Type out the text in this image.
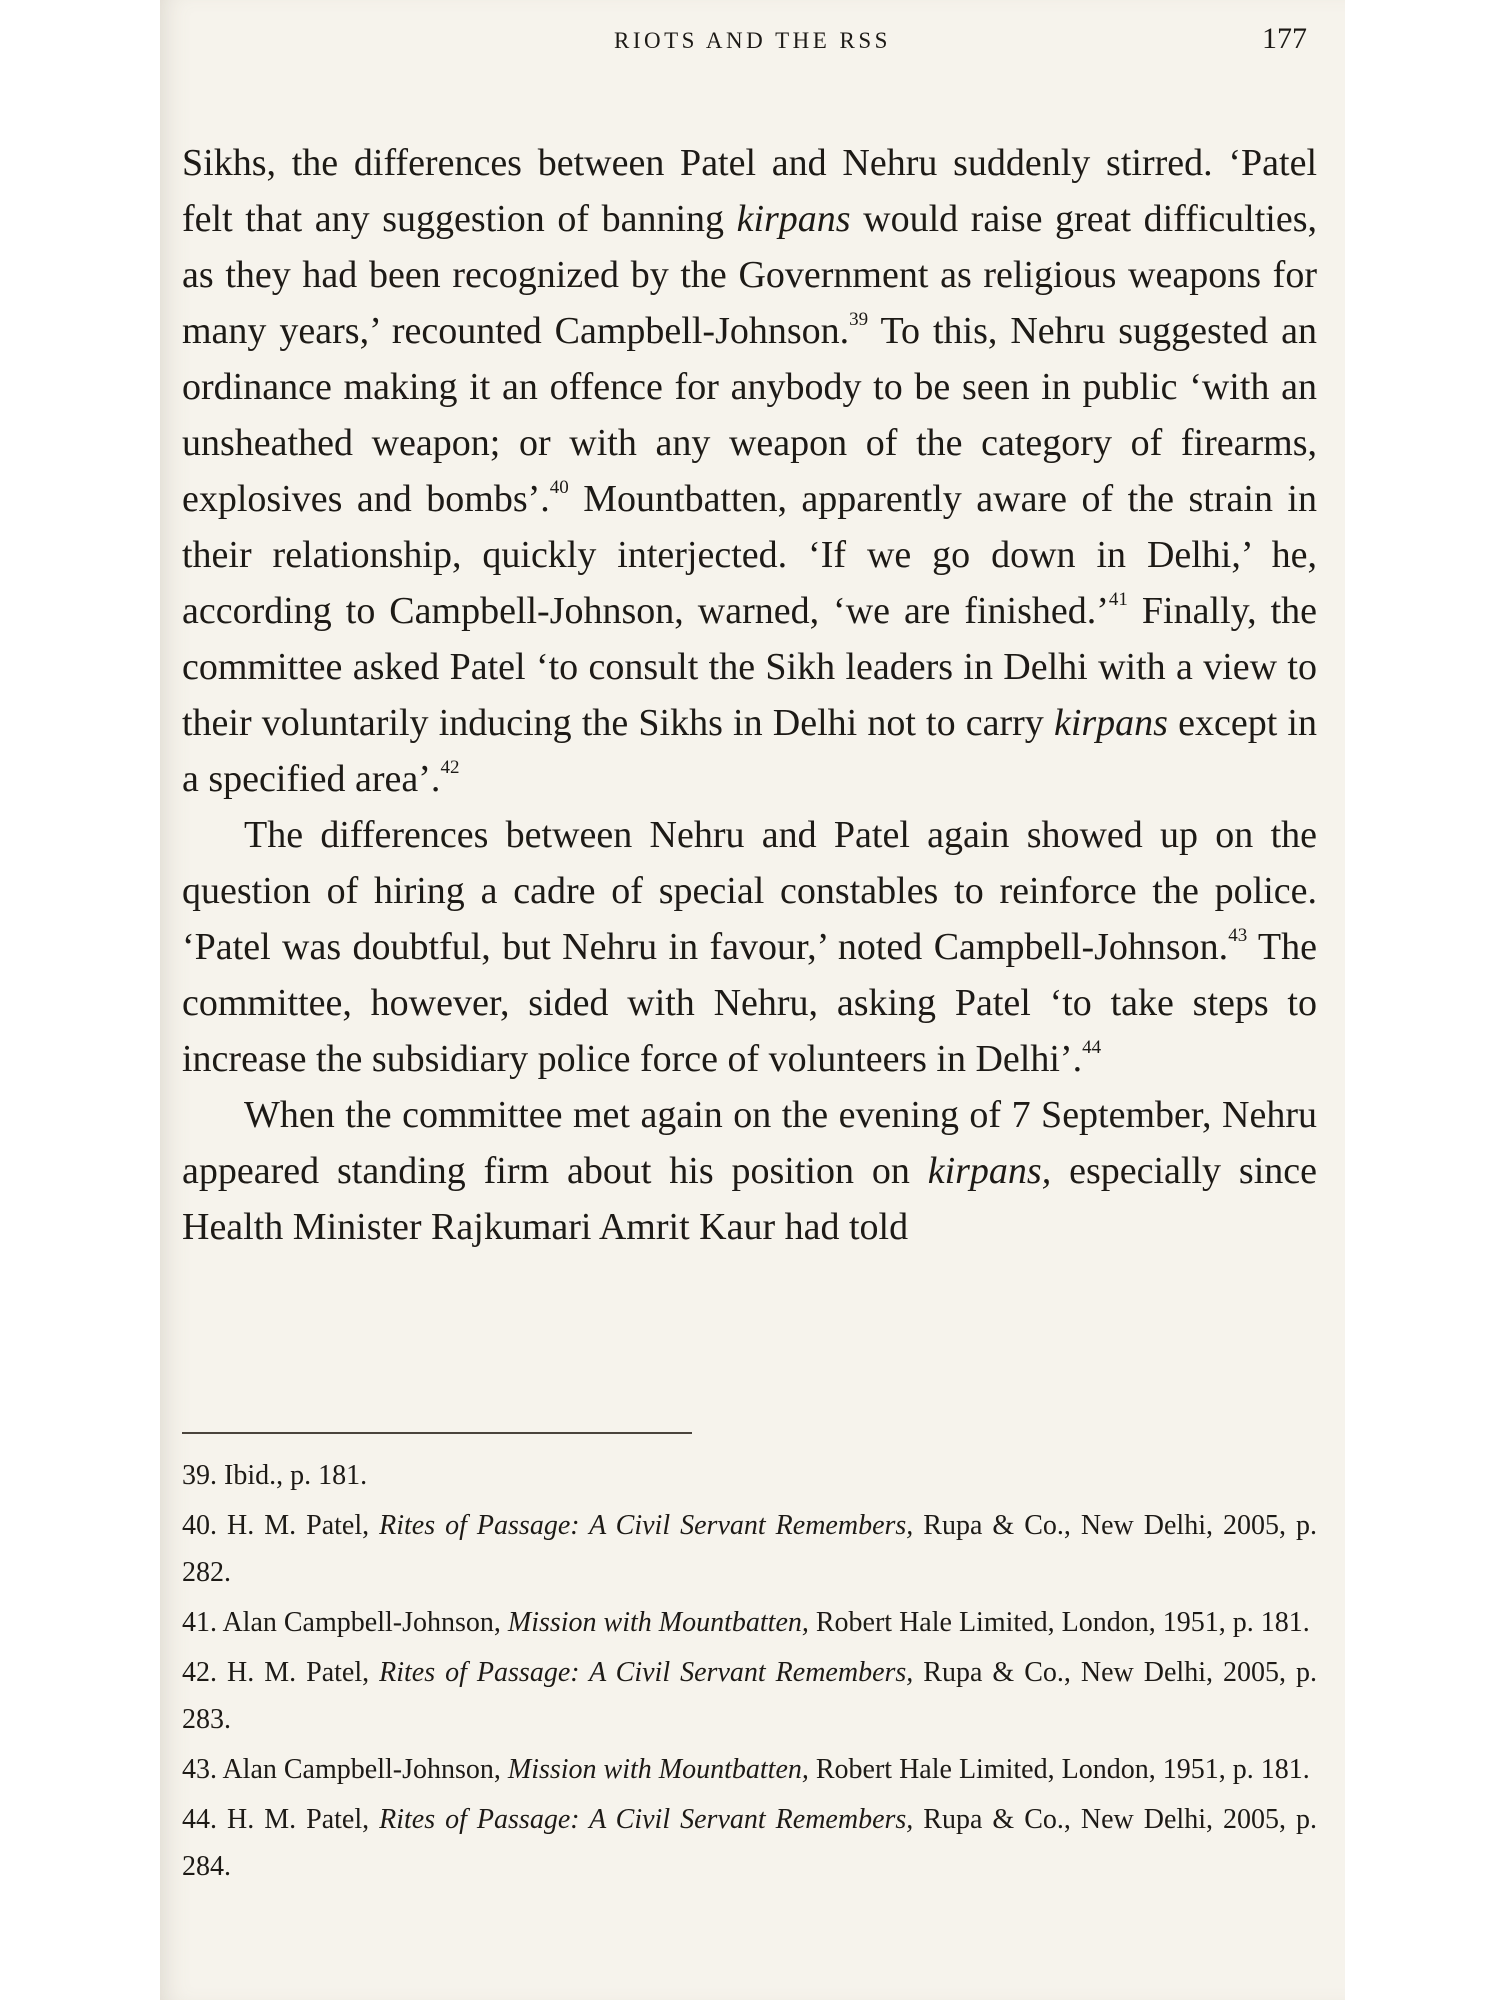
RIOTS AND THE RSS	177

Sikhs, the differences between Patel and Nehru suddenly stirred. ‘Patel felt that any suggestion of banning kirpans would raise great difficulties, as they had been recognized by the Government as religious weapons for many years,’ recounted Campbell-Johnson.$^{39}$ To this, Nehru suggested an ordinance making it an offence for anybody to be seen in public ‘with an unsheathed weapon; or with any weapon of the category of firearms, explosives and bombs’.$^{40}$ Mountbatten, apparently aware of the strain in their relationship, quickly interjected. ‘If we go down in Delhi,’ he, according to Campbell-Johnson, warned, ‘we are finished.’$^{41}$ Finally, the committee asked Patel ‘to consult the Sikh leaders in Delhi with a view to their voluntarily inducing the Sikhs in Delhi not to carry kirpans except in a specified area’.$^{42}$

The differences between Nehru and Patel again showed up on the question of hiring a cadre of special constables to reinforce the police. ‘Patel was doubtful, but Nehru in favour,’ noted Campbell-Johnson.$^{43}$ The committee, however, sided with Nehru, asking Patel ‘to take steps to increase the subsidiary police force of volunteers in Delhi’.$^{44}$

When the committee met again on the evening of 7 September, Nehru appeared standing firm about his position on kirpans, especially since Health Minister Rajkumari Amrit Kaur had told

39. Ibid., p. 181.
40. H. M. Patel, Rites of Passage: A Civil Servant Remembers, Rupa & Co., New Delhi, 2005, p. 282.
41. Alan Campbell-Johnson, Mission with Mountbatten, Robert Hale Limited, London, 1951, p. 181.
42. H. M. Patel, Rites of Passage: A Civil Servant Remembers, Rupa & Co., New Delhi, 2005, p. 283.
43. Alan Campbell-Johnson, Mission with Mountbatten, Robert Hale Limited, London, 1951, p. 181.
44. H. M. Patel, Rites of Passage: A Civil Servant Remembers, Rupa & Co., New Delhi, 2005, p. 284.
